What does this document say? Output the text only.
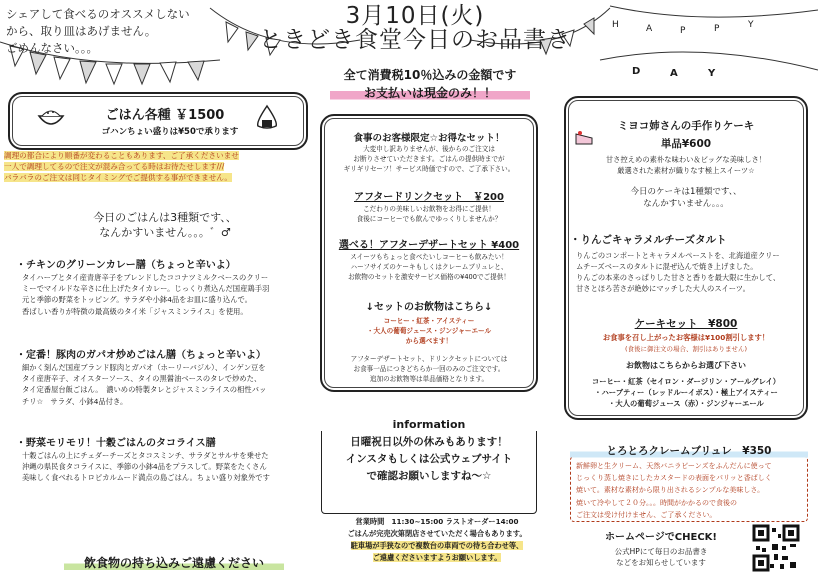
H	A	P	P	Y
D	A	Y
シェアして食べるのオススメしない
から、取り皿はあげません。
ごめんなさい。。。
3月10日(火)
ときどき食堂今日のお品書き
全て消費税10％込みの金額です
お支払いは現金のみ！！
ごはん各種 ￥1500
ゴハンちょい盛りは¥50で承ります
調理の都合により順番が変わることもあります、ご了承くださいませ
一人で調理してるので注文が混み合ってる時はお待たせします///
バラバラのご注文は同じタイミングでご提供する事ができません。
今日のごはんは3種類です、、
なんかすいません。。。゛♂
・チキンのグリーンカレー膳（ちょっと辛いよ）
タイハーブとタイ産青唐辛子をブレンドしたココナツミルクベースのクリー
ミーでマイルドな辛さに仕上げたタイカレー。じっくり煮込んだ国産鶏手羽
元と季節の野菜をトッピング。サラダや小鉢4品をお皿に盛り込んで。
香ばしい香りが特徴の最高級のタイ米「ジャスミンライス」を使用。
・定番！豚肉のガパオ炒めごはん膳（ちょっと辛いよ）
細かく刻んだ国産ブランド豚肉とガパオ（ホーリーバジル）、インゲン豆を
タイ産唐辛子、オイスターソース、タイの黒醤油ベースのタレで炒めた、
タイ定番屋台飯ごはん。　濃いめの特製タレとジャスミンライスの相性バッ
チリ☆　サラダ、小鉢4品付き。
・野菜モリモリ！十穀ごはんのタコライス膳
十穀ごはんの上にチェダーチーズとタコスミンチ、サラダとサルサを乗せた
沖縄の県民食タコライスに、季節の小鉢4品をプラスして。野菜をたくさん
美味しく食べれるトロピカルムード満点の島ごはん。ちょい盛り対象外です
飲食物の持ち込みご遠慮ください
食事のお客様限定☆お得なセット！
大変申し訳ありませんが、後からのご注文は
お断りさせていただきます。ごはんの提供時までが
ギリギリセーフ！サービス時価ですので、ご了承下さい。
アフタードリンクセット　￥200
こだわりの美味しいお飲物をお得にご提供！
食後にコーヒーでも飲んでゆっくりしませんか？
選べる！アフターデザートセット ¥400
スイーツもちょっと食べたいしコーヒーも飲みたい！
ハーフサイズのケーキもしくはクレームブリュレと、
お飲物のセットを激安サービス価格の¥400でご提供！
↓セットのお飲物はこちら↓
コーヒー・紅茶・アイスティー
・大人の葡萄ジュース・ジンジャーエール
から選べます！
アフターデザートセット、ドリンクセットについては
お食事一品につきどちらか一回のみのご注文です。
追加のお飲物等は単品価格となります。
information
日曜祝日以外の休みもあります！
インスタもしくは公式ウェブサイト
で確認お願いしますね〜☆
営業時間　11:30~15:00 ラストオーダー14:00
ごはんが完売次第閉店させていただく場合もあります。
駐車場が手狭なので複数台の車両での待ち合わせ等、
ご遠慮くださいますようお願いします。
ミヨコ姉さんの手作りケーキ
単品¥600
甘さ控えめの素朴な味わい＆ビッグな美味しさ！
厳選された素材が織りなす極上スイーツ☆
今日のケーキは1種類です、、
なんかすいません。。。
・りんごキャラメルチーズタルト
りんごのコンポートとキャラメルペーストを、北海道産クリー
ムチーズベースのタルトに混ぜ込んで焼き上げました。
りんごの本来のさっぱりした甘さと香りを最大限に生かして、
甘さとほろ苦さが絶妙にマッチした大人のスイーツ。
ケーキセット　¥800
お食事を召し上がったお客様は¥100割引します！
(食後に御注文の場合、割引はありません)
お飲物はこちらからお選び下さい
コーヒー・紅茶（セイロン・ダージリン・アールグレイ）
・ハーブティー（レッドルーイボス）・極上アイスティー
・大人の葡萄ジュース（赤）・ジンジャーエール
とろとろクレームブリュレ　¥350
新鮮卵と生クリーム、天然バニラビーンズをふんだんに使って
じっくり蒸し焼きにしたカスタードの表面をパリッと香ばしく
焼いて。素材な素材から限り出されるシンプルな美味しさ。
焼いて冷やして２０分。。。時間がかかるので食後の
ご注文は受け付けません、ご了承ください。
ホームページでCHECK!
公式HPにて毎日のお品書き
などをお知らせしています
